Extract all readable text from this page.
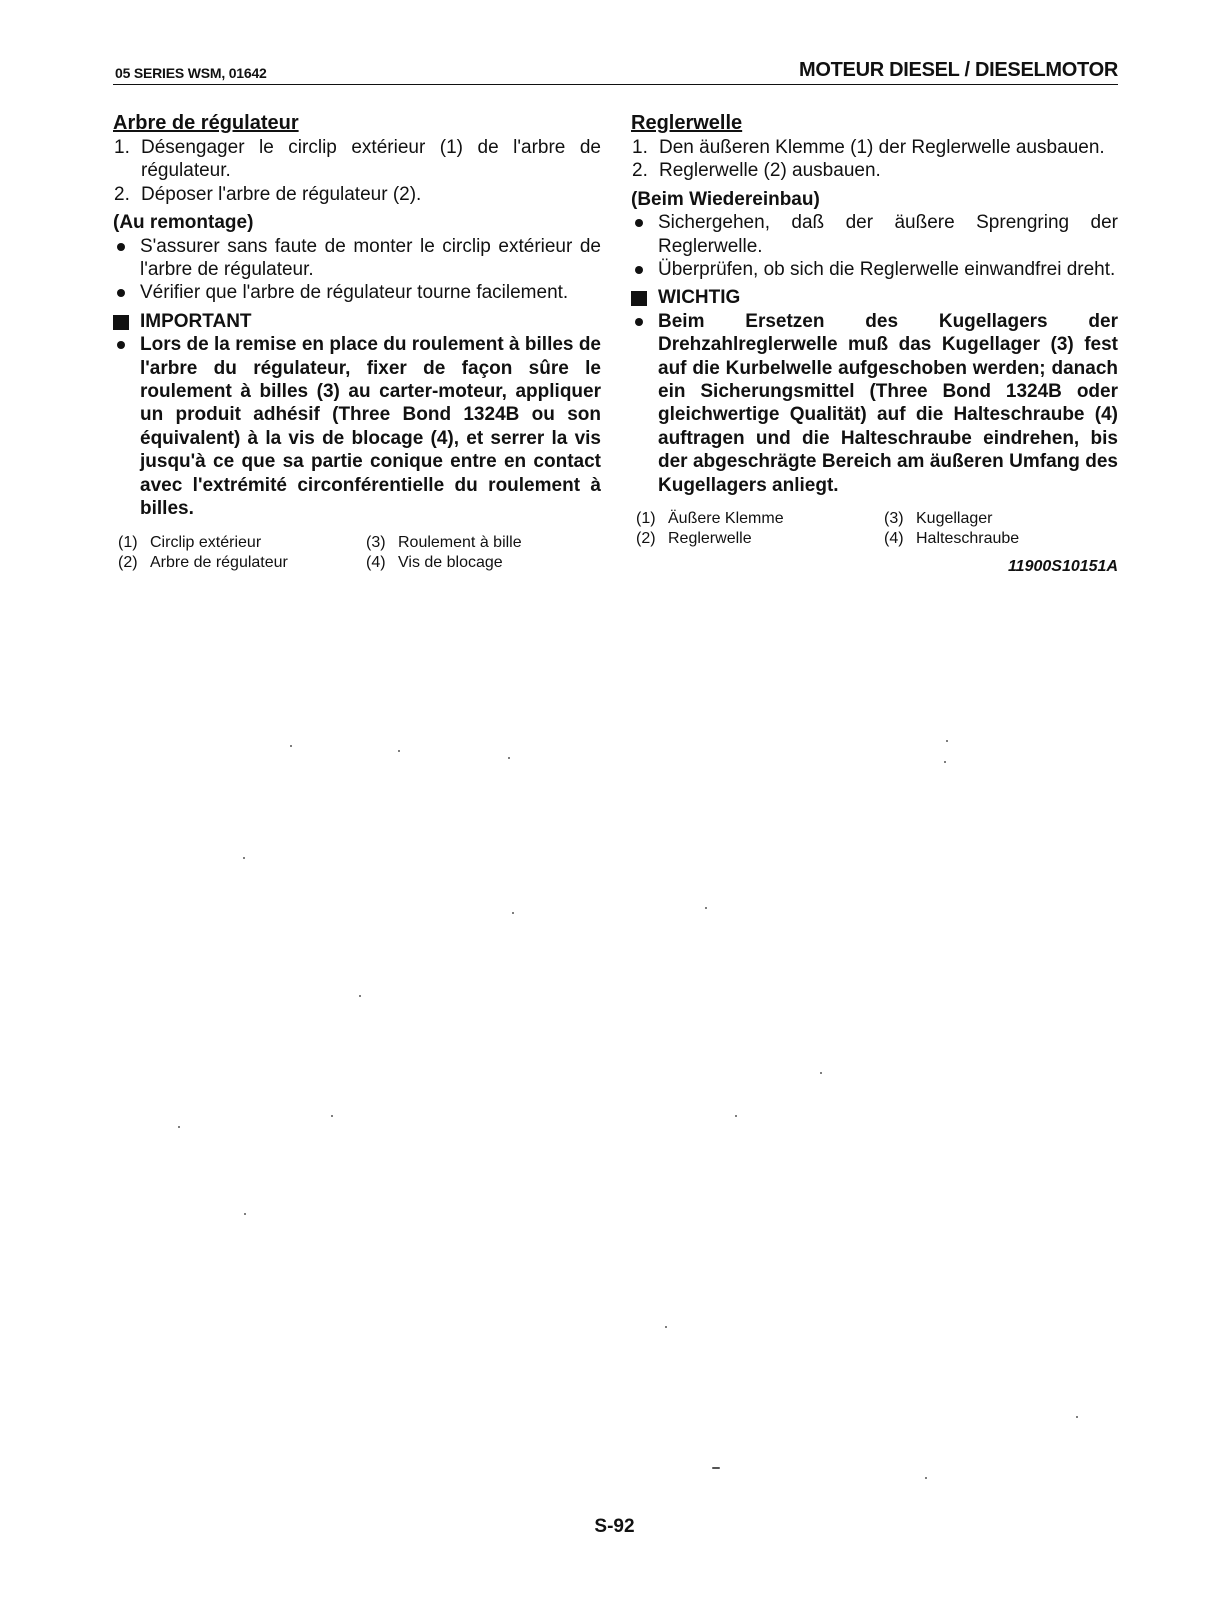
05 SERIES WSM, 01642	MOTEUR DIESEL / DIESELMOTOR
Arbre de régulateur
1. Désengager le circlip extérieur (1) de l'arbre de régulateur.
2. Déposer l'arbre de régulateur (2).
(Au remontage)
S'assurer sans faute de monter le circlip extérieur de l'arbre de régulateur.
Vérifier que l'arbre de régulateur tourne facilement.
IMPORTANT
Lors de la remise en place du roulement à billes de l'arbre du régulateur, fixer de façon sûre le roulement à billes (3) au carter-moteur, appliquer un produit adhésif (Three Bond 1324B ou son équivalent) à la vis de blocage (4), et serrer la vis jusqu'à ce que sa partie conique entre en contact avec l'extrémité circonférentielle du roulement à billes.
(1) Circlip extérieur	(3) Roulement à bille
(2) Arbre de régulateur	(4) Vis de blocage
Reglerwelle
1. Den äußeren Klemme (1) der Reglerwelle ausbauen.
2. Reglerwelle (2) ausbauen.
(Beim Wiedereinbau)
Sichergehen, daß der äußere Sprengring der Reglerwelle.
Überprüfen, ob sich die Reglerwelle einwandfrei dreht.
WICHTIG
Beim Ersetzen des Kugellagers der Drehzahlreglerwelle muß das Kugellager (3) fest auf die Kurbelwelle aufgeschoben werden; danach ein Sicherungsmittel (Three Bond 1324B oder gleichwertige Qualität) auf die Halteschraube (4) auftragen und die Halteschraube eindrehen, bis der abgeschrägte Bereich am äußeren Umfang des Kugellagers anliegt.
(1) Äußere Klemme	(3) Kugellager
(2) Reglerwelle	(4) Halteschraube
11900S10151A
S-92
